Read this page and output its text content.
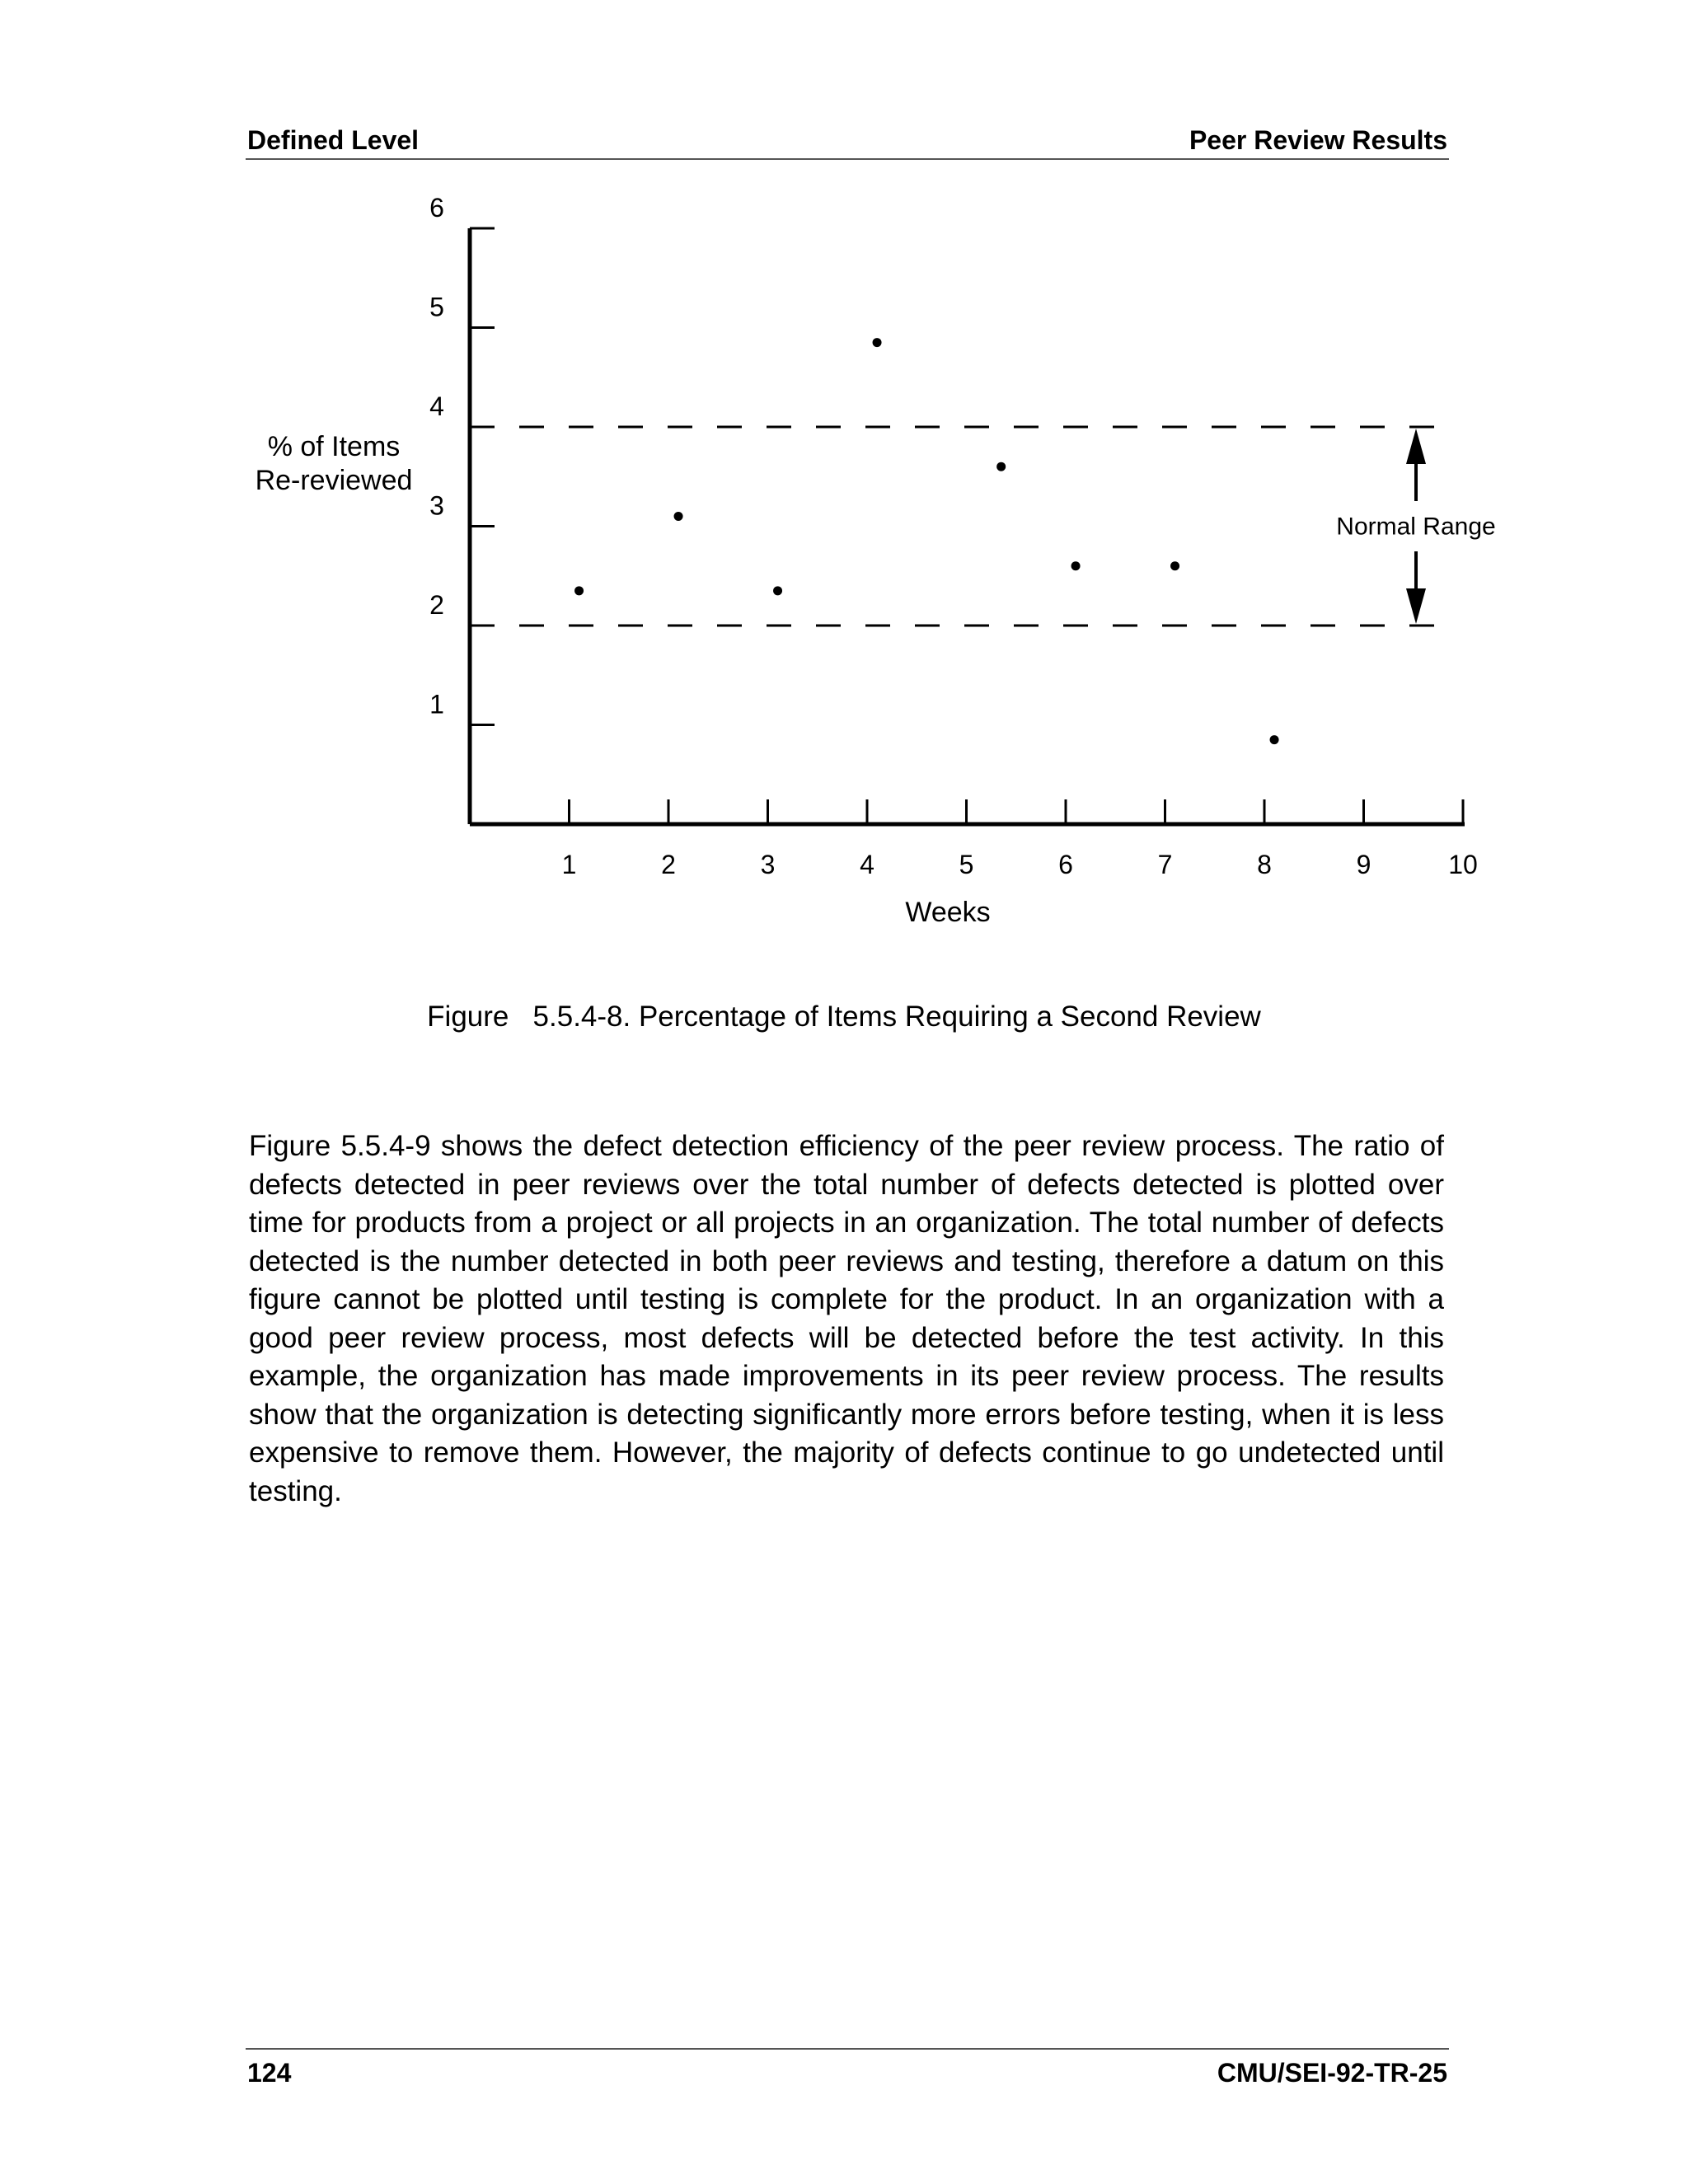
Defined Level	Peer Review Results
1
2
3
4
5
6
1	2	3	4	5	6	7	8	9	10
Normal Range
% of Items
Re-reviewed
Weeks
Figure   5.5.4-8. Percentage of Items Requiring a Second Review
Figure 5.5.4-9 shows the defect detection efficiency of the peer review process. The ratio of defects detected in peer reviews over the total number of defects detected is plotted over time for products from a project or all projects in an organization. The total number of defects detected is the number detected in both peer reviews and testing, therefore a datum on this figure cannot be plotted until testing is complete for the product. In an organization with a good peer review process, most defects will be detected before the test activity. In this example, the organization has made improvements in its peer review process. The results show that the organization is detecting significantly more errors before testing, when it is less expensive to remove them. However, the majority of defects continue to go undetected until testing.
124	CMU/SEI-92-TR-25
